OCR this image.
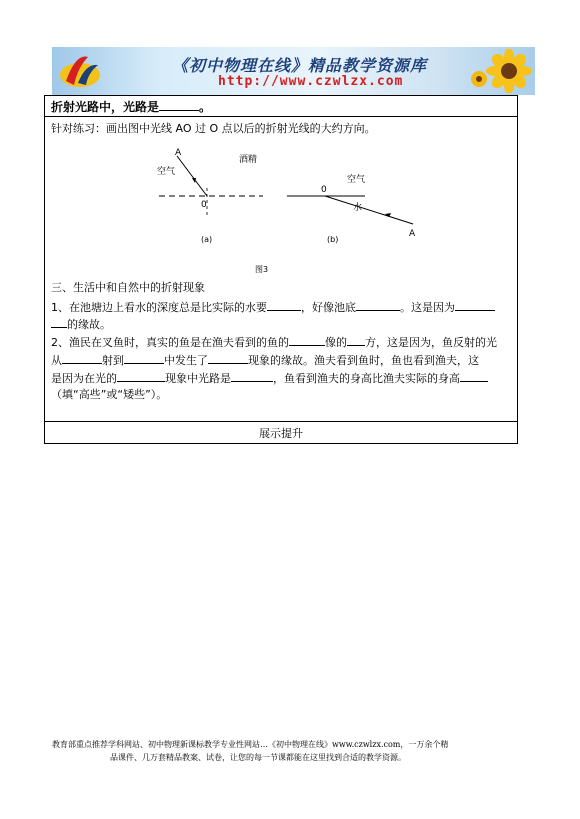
《初中物理在线》精品教学资源库
http://www.czwlzx.com
折射光路中，光路是	。
针对练习：画出图中光线 AO 过 O 点以后的折射光线的大约方向。
A
0
空气
酒精
(a)
0
空气
水
A
(b)
图3
三、生活中和自然中的折射现象
1、在池塘边上看水的深度总是比实际的水要	，好像池底	。这是因为
的缘故。
2、渔民在叉鱼时，真实的鱼是在渔夫看到的鱼的	像的 方，这是因为，鱼反射的光
从	射到	中发生了	现象的缘故。渔夫看到鱼时，鱼也看到渔夫，这
是因为在光的	现象中光路是	，鱼看到渔夫的身高比渔夫实际的身高
（填“高些”或“矮些”）。
展示提升
教育部重点推荐学科网站、初中物理新课标教学专业性网站…《初中物理在线》www.czwlzx.com，一万余个精
品课件、几万套精品教案、试卷，让您的每一节课都能在这里找到合适的教学资源。
